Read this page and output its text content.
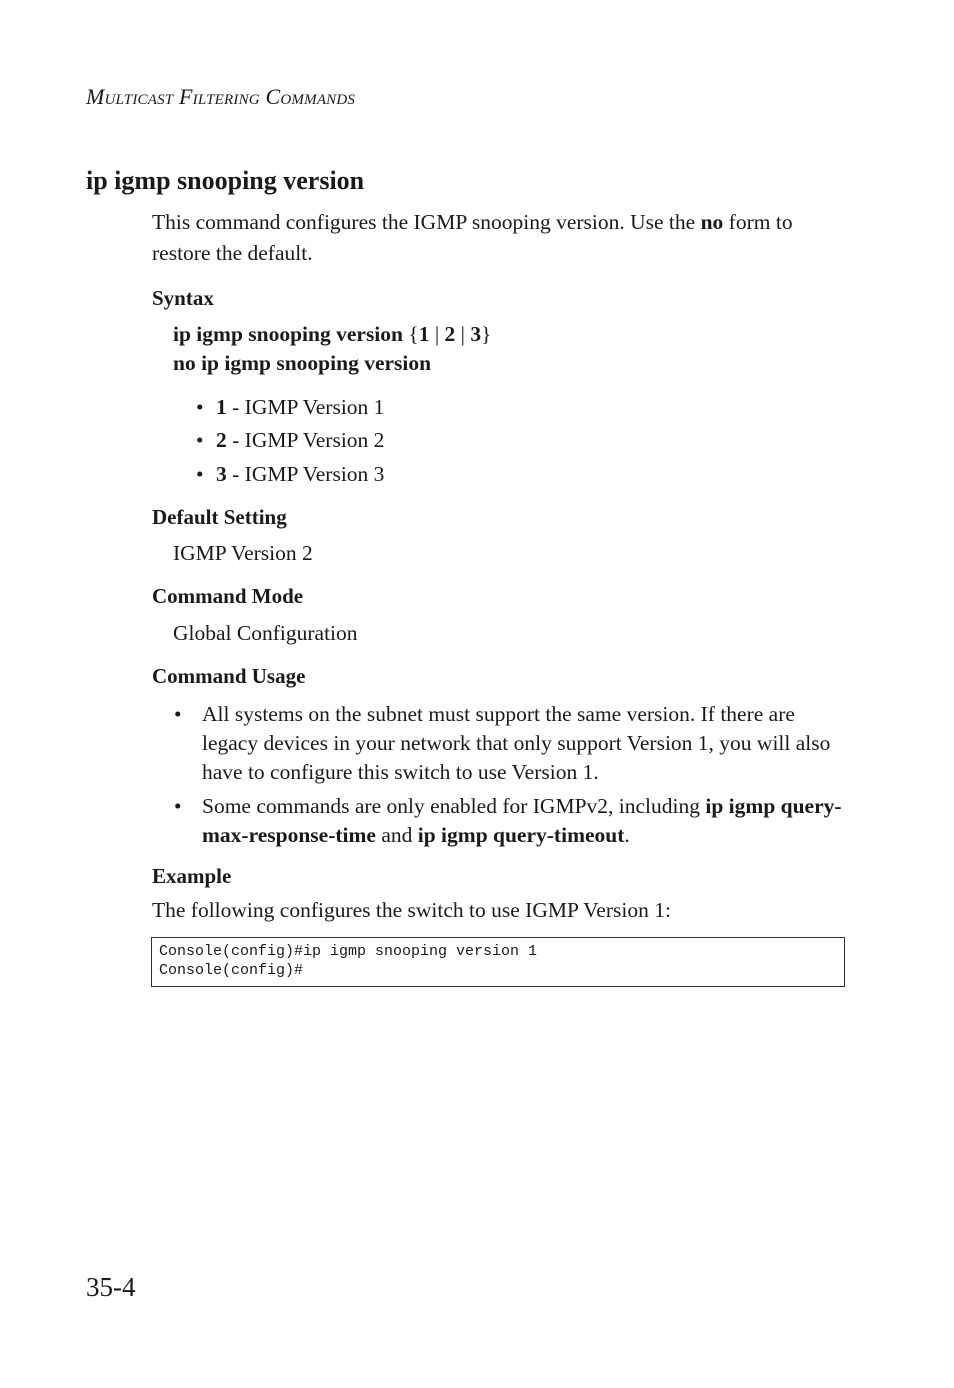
Multicast Filtering Commands
ip igmp snooping version

This command configures the IGMP snooping version. Use the no form to restore the default.

Syntax
ip igmp snooping version {1 | 2 | 3}
no ip igmp snooping version
• 1 - IGMP Version 1
• 2 - IGMP Version 2
• 3 - IGMP Version 3
Default Setting
IGMP Version 2
Command Mode
Global Configuration
Command Usage
• All systems on the subnet must support the same version. If there are legacy devices in your network that only support Version 1, you will also have to configure this switch to use Version 1.
• Some commands are only enabled for IGMPv2, including ip igmp query-max-response-time and ip igmp query-timeout.
Example
The following configures the switch to use IGMP Version 1:
Console(config)#ip igmp snooping version 1
Console(config)#
35-4
